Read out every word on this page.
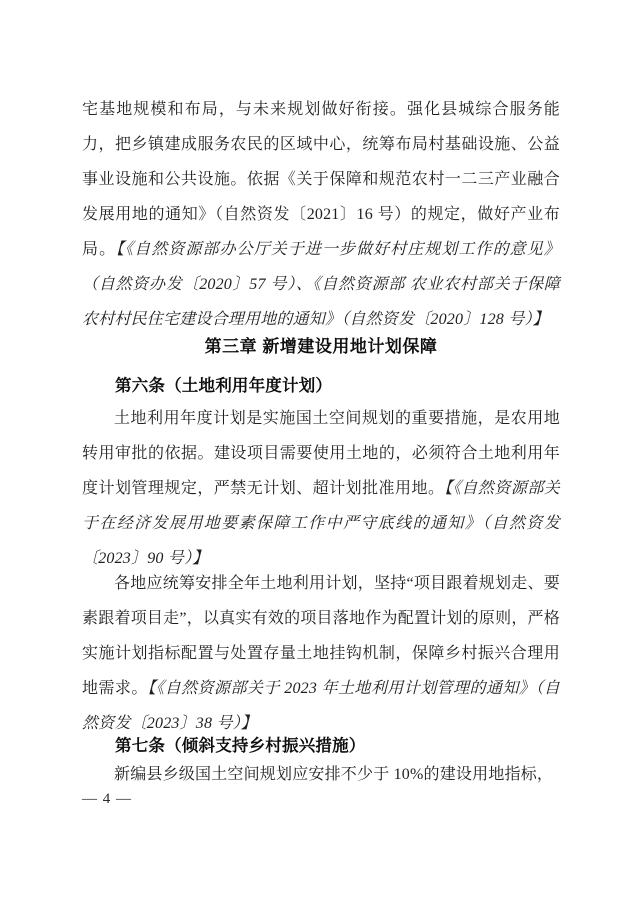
宅基地规模和布局，与未来规划做好衔接。强化县城综合服务能力，把乡镇建成服务农民的区域中心，统筹布局村基础设施、公益事业设施和公共设施。依据《关于保障和规范农村一二三产业融合发展用地的通知》（自然资发〔2021〕16 号）的规定，做好产业布局。【《自然资源部办公厅关于进一步做好村庄规划工作的意见》（自然资办发〔2020〕57 号）、《自然资源部 农业农村部关于保障农村村民住宅建设合理用地的通知》（自然资发〔2020〕128 号）】

第三章 新增建设用地计划保障
第六条（土地利用年度计划）

土地利用年度计划是实施国土空间规划的重要措施，是农用地转用审批的依据。建设项目需要使用土地的，必须符合土地利用年度计划管理规定，严禁无计划、超计划批准用地。【《自然资源部关于在经济发展用地要素保障工作中严守底线的通知》（自然资发〔2023〕90 号）】

各地应统筹安排全年土地利用计划，坚持“项目跟着规划走、要素跟着项目走”，以真实有效的项目落地作为配置计划的原则，严格实施计划指标配置与处置存量土地挂钩机制，保障乡村振兴合理用地需求。【《自然资源部关于 2023 年土地利用计划管理的通知》（自然资发〔2023〕38 号）】

第七条（倾斜支持乡村振兴措施）

新编县乡级国土空间规划应安排不少于 10%的建设用地指标，

— 4 —
